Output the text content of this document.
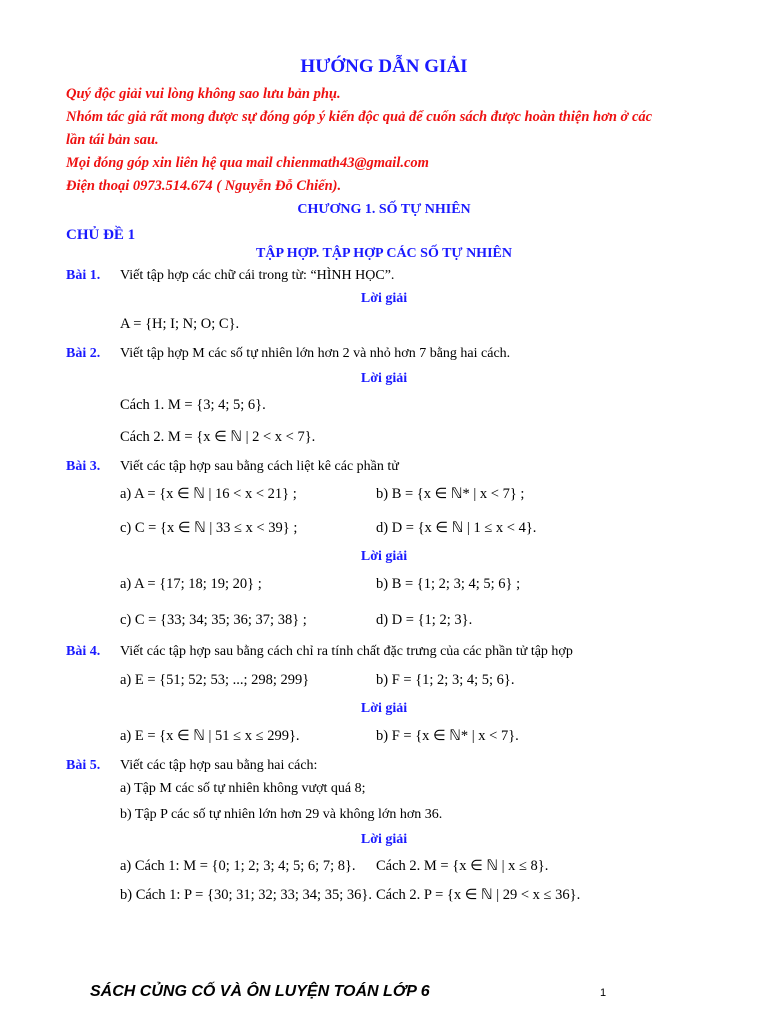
HƯỚNG DẪN GIẢI
Quý độc giải vui lòng không sao lưu bản phụ.
Nhóm tác giả rất mong được sự đóng góp ý kiến độc quả để cuốn sách được hoàn thiện hơn ở các
lần tái bản sau.
Mọi đóng góp xin liên hệ qua mail chienmath43@gmail.com
Điện thoại 0973.514.674 ( Nguyễn Đỗ Chiến).
CHƯƠNG 1. SỐ TỰ NHIÊN
CHỦ ĐỀ 1
TẬP HỢP. TẬP HỢP CÁC SỐ TỰ NHIÊN
Bài 1. Viết tập hợp các chữ cái trong từ: “HÌNH HỌC”.
Lời giải
A = {H; I; N; O; C}.
Bài 2. Viết tập hợp M các số tự nhiên lớn hơn 2 và nhỏ hơn 7 bằng hai cách.
Lời giải
Cách 1. M = {3; 4; 5; 6}.
Cách 2. M = {x ∈ ℕ | 2 < x < 7}.
Bài 3. Viết các tập hợp sau bằng cách liệt kê các phần tử
a) A = {x ∈ ℕ | 16 < x < 21} ;	b) B = {x ∈ ℕ* | x < 7} ;
c) C = {x ∈ ℕ | 33 ≤ x < 39} ;	d) D = {x ∈ ℕ | 1 ≤ x < 4}.
Lời giải
a) A = {17; 18; 19; 20} ;	b) B = {1; 2; 3; 4; 5; 6} ;
c) C = {33; 34; 35; 36; 37; 38} ;	d) D = {1; 2; 3}.
Bài 4. Viết các tập hợp sau bằng cách chỉ ra tính chất đặc trưng của các phần tử tập hợp
a) E = {51; 52; 53; ...; 298; 299}	b) F = {1; 2; 3; 4; 5; 6}.
Lời giải
a) E = {x ∈ ℕ | 51 ≤ x ≤ 299}.	b) F = {x ∈ ℕ* | x < 7}.
Bài 5. Viết các tập hợp sau bằng hai cách:
a) Tập M các số tự nhiên không vượt quá 8;
b) Tập P các số tự nhiên lớn hơn 29 và không lớn hơn 36.
Lời giải
a) Cách 1: M = {0; 1; 2; 3; 4; 5; 6; 7; 8}. Cách 2. M = {x ∈ ℕ | x ≤ 8}.
b) Cách 1: P = {30; 31; 32; 33; 34; 35; 36}. Cách 2. P = {x ∈ ℕ | 29 < x ≤ 36}.
SÁCH CỦNG CỐ VÀ ÔN LUYỆN TOÁN LỚP 6	1
